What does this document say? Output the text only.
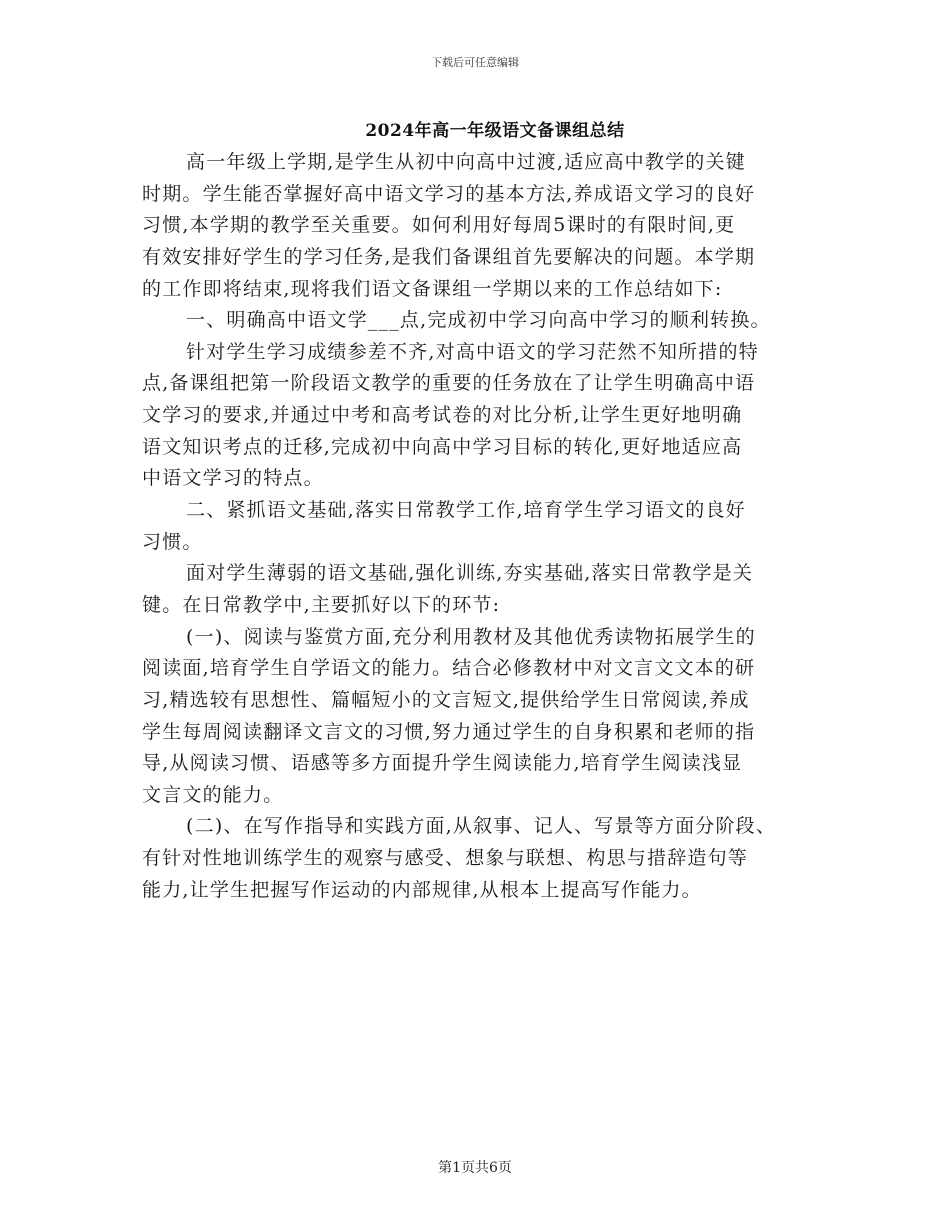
下载后可任意编辑
2024年高一年级语文备课组总结
高一年级上学期,是学生从初中向高中过渡,适应高中教学的关键
时期。学生能否掌握好高中语文学习的基本方法,养成语文学习的良好
习惯,本学期的教学至关重要。如何利用好每周5课时的有限时间,更
有效安排好学生的学习任务,是我们备课组首先要解决的问题。本学期
的工作即将结束,现将我们语文备课组一学期以来的工作总结如下:
一、明确高中语文学___点,完成初中学习向高中学习的顺利转换。
针对学生学习成绩参差不齐,对高中语文的学习茫然不知所措的特
点,备课组把第一阶段语文教学的重要的任务放在了让学生明确高中语
文学习的要求,并通过中考和高考试卷的对比分析,让学生更好地明确
语文知识考点的迁移,完成初中向高中学习目标的转化,更好地适应高
中语文学习的特点。
二、紧抓语文基础,落实日常教学工作,培育学生学习语文的良好
习惯。
面对学生薄弱的语文基础,强化训练,夯实基础,落实日常教学是关
键。在日常教学中,主要抓好以下的环节:
(一)、阅读与鉴赏方面,充分利用教材及其他优秀读物拓展学生的
阅读面,培育学生自学语文的能力。结合必修教材中对文言文文本的研
习,精选较有思想性、篇幅短小的文言短文,提供给学生日常阅读,养成
学生每周阅读翻译文言文的习惯,努力通过学生的自身积累和老师的指
导,从阅读习惯、语感等多方面提升学生阅读能力,培育学生阅读浅显
文言文的能力。
(二)、在写作指导和实践方面,从叙事、记人、写景等方面分阶段、
有针对性地训练学生的观察与感受、想象与联想、构思与措辞造句等
能力,让学生把握写作运动的内部规律,从根本上提高写作能力。
第1页共6页
